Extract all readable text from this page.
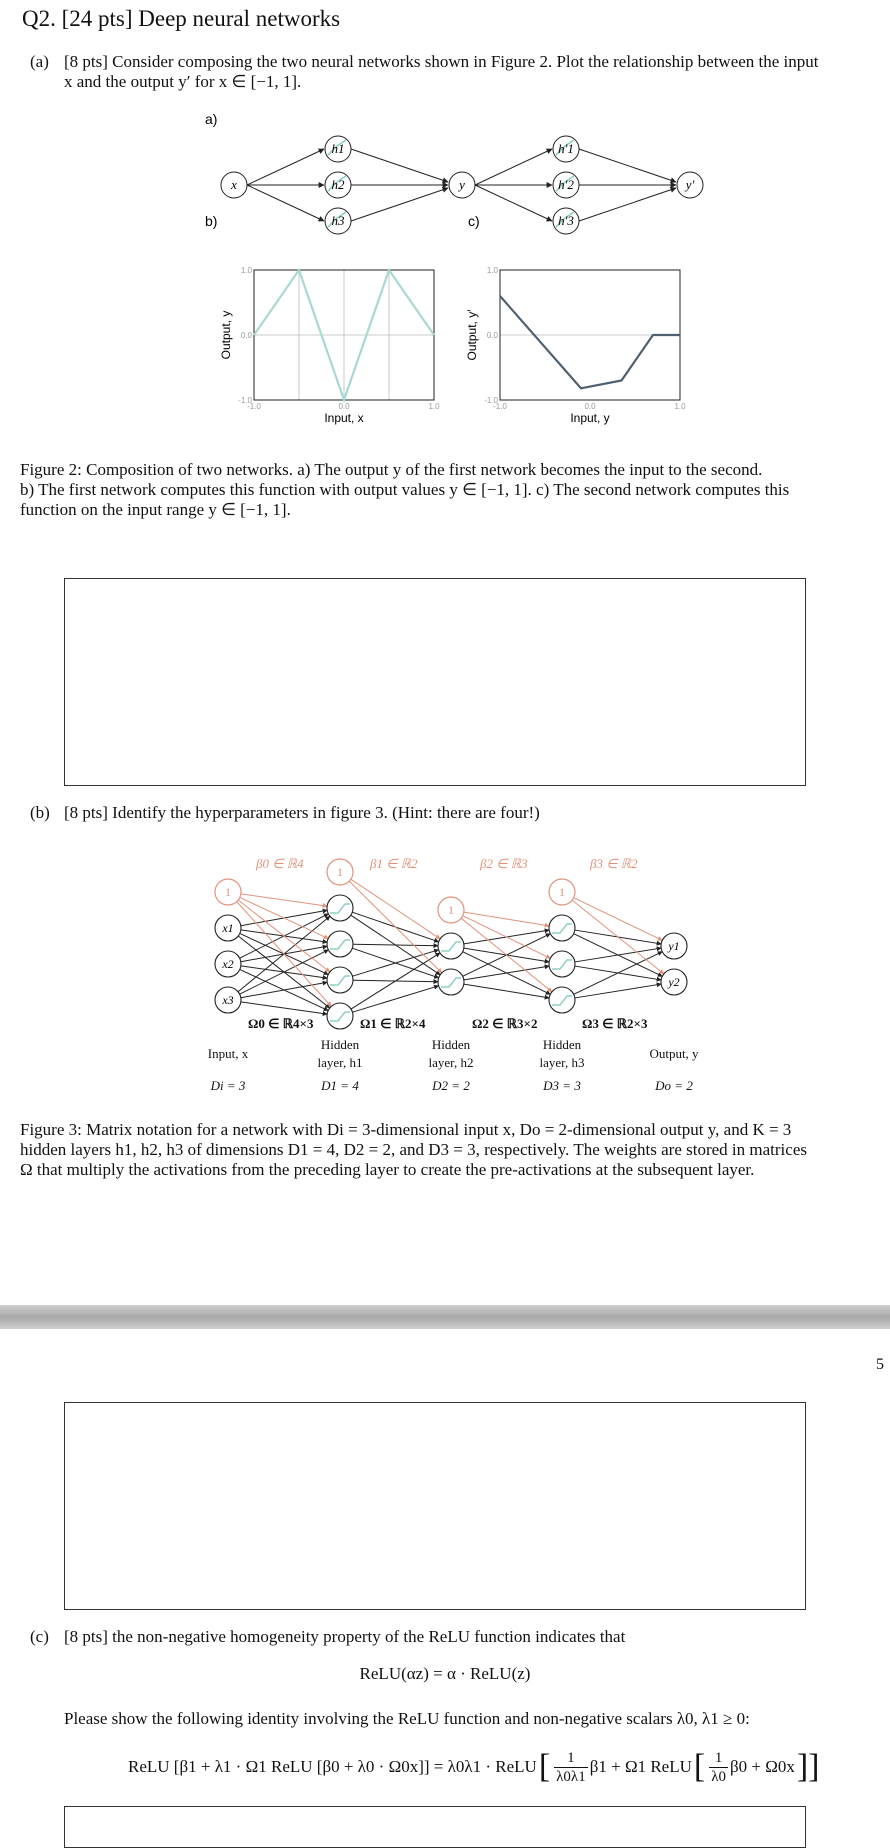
Q2. [24 pts] Deep neural networks
(a) [8 pts] Consider composing the two neural networks shown in Figure 2. Plot the relationship between the input
x and the output y′ for x ∈ [−1, 1].
a)
b)	c)
x
h1
h2
h3
y
h′1
h′2
h′3
y′
1.0
0.0
-1.0
-1.0	0.0	1.0
Input, x
Output, y
1.0
0.0
-1.0
-1.0	0.0	1.0
Input, y
Output, y′
Figure 2: Composition of two networks. a) The output y of the first network becomes the input to the second.
b) The first network computes this function with output values y ∈ [−1, 1]. c) The second network computes this
function on the input range y ∈ [−1, 1].
(b) [8 pts] Identify the hyperparameters in figure 3. (Hint: there are four!)
1
x1
x2
x3
1
1
1
y1
y2
β0 ∈ ℝ4	β1 ∈ ℝ2	β2 ∈ ℝ3	β3 ∈ ℝ2
Ω0 ∈ ℝ4×3	Ω1 ∈ ℝ2×4	Ω2 ∈ ℝ3×2	Ω3 ∈ ℝ2×3
Input, x
Di = 3
Hidden
layer, h1
D1 = 4
Hidden
layer, h2
D2 = 2
Hidden
layer, h3
D3 = 3
Output, y
Do = 2
Figure 3: Matrix notation for a network with Di = 3-dimensional input x, Do = 2-dimensional output y, and K = 3
hidden layers h1, h2, h3 of dimensions D1 = 4, D2 = 2, and D3 = 3, respectively. The weights are stored in matrices
Ω that multiply the activations from the preceding layer to create the pre-activations at the subsequent layer.
5
(c) [8 pts] the non-negative homogeneity property of the ReLU function indicates that
ReLU(αz) = α · ReLU(z)
Please show the following identity involving the ReLU function and non-negative scalars λ0, λ1 ≥ 0:
ReLU [β1 + λ1 · Ω1 ReLU [β0 + λ0 · Ω0x]] = λ0λ1 · ReLU [ $\frac{1}{\lambda 0\lambda 1} \beta 1 + \Omega 1$ ReLU [ $\frac{1}{\lambda 0} \beta 0 + \Omega 0x$ ]]
